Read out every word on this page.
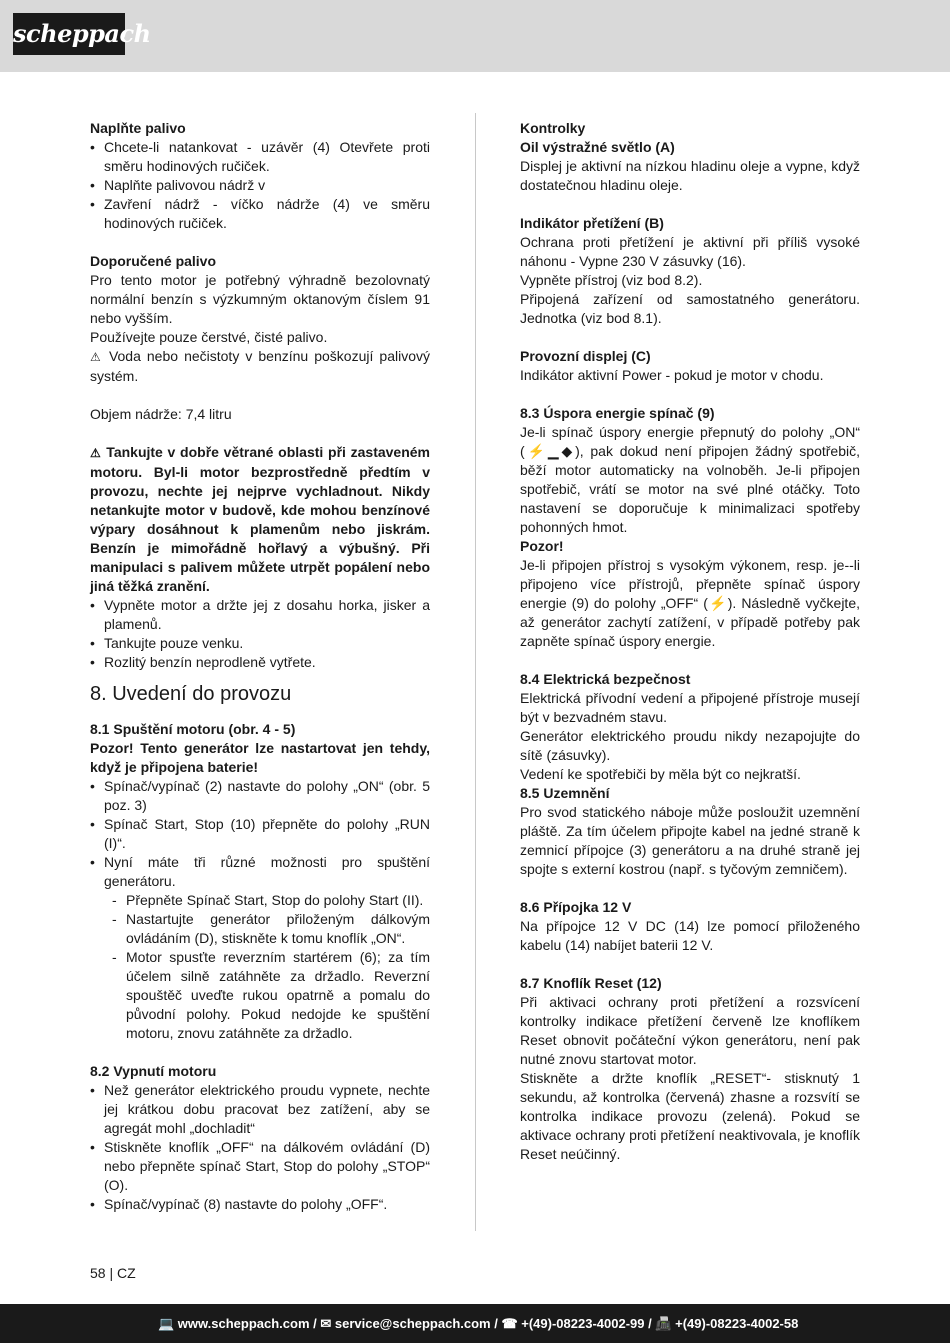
scheppach

Naplňte palivo

• Chcete-li natankovat - uzávěr (4) Otevřete proti směru hodinových ručiček.
• Naplňte palivovou nádrž v
• Zavření nádrž - víčko nádrže (4) ve směru hodinových ručiček.

Doporučené palivo

Pro tento motor je potřebný výhradně bezolovnatý normální benzín s výzkumným oktanovým číslem 91 nebo vyšším.

Používejte pouze čerstvé, čisté palivo.

⚠ Voda nebo nečistoty v benzínu poškozují palivový systém.

Objem nádrže: 7,4 litru

⚠ Tankujte v dobře větrané oblasti při zastaveném motoru. Byl-li motor bezprostředně předtím v provozu, nechte jej nejprve vychladnout. Nikdy netankujte motor v budově, kde mohou benzínové výpary dosáhnout k plamenům nebo jiskrám. Benzín je mimořádně hořlavý a výbušný. Při manipulaci s palivem můžete utrpět popálení nebo jiná těžká zranění.

• Vypněte motor a držte jej z dosahu horka, jisker a plamenů.
• Tankujte pouze venku.
• Rozlitý benzín neprodleně vytřete.
8. Uvedení do provozu

8.1 Spuštění motoru (obr. 4 - 5)

Pozor! Tento generátor lze nastartovat jen tehdy, když je připojena baterie!

• Spínač/vypínač (2) nastavte do polohy „ON“ (obr. 5 poz. 3)
• Spínač Start, Stop (10) přepněte do polohy „RUN (I)“.
• Nyní máte tři různé možnosti pro spuštění generátoru.
- Přepněte Spínač Start, Stop do polohy Start (II).
- Nastartujte generátor přiloženým dálkovým ovládáním (D), stiskněte k tomu knoflík „ON“.
- Motor spusťte reverzním startérem (6); za tím účelem silně zatáhněte za držadlo. Reverzní spouštěč uveďte rukou opatrně a pomalu do původní polohy. Pokud nedojde ke spuštění motoru, znovu zatáhněte za držadlo.

8.2 Vypnutí motoru

• Než generátor elektrického proudu vypnete, nechte jej krátkou dobu pracovat bez zatížení, aby se agregát mohl „dochladit“
• Stiskněte knoflík „OFF“ na dálkovém ovládání (D) nebo přepněte spínač Start, Stop do polohy „STOP“ (O).
• Spínač/vypínač (8) nastavte do polohy „OFF“.

Kontrolky

Oil výstražné světlo (A)

Displej je aktivní na nízkou hladinu oleje a vypne, když dostatečnou hladinu oleje.

Indikátor přetížení (B)

Ochrana proti přetížení je aktivní při příliš vysoké náhonu - Vypne 230 V zásuvky (16).

Vypněte přístroj (viz bod 8.2).

Připojená zařízení od samostatného generátoru. Jednotka (viz bod 8.1).

Provozní displej (C)

Indikátor aktivní Power - pokud je motor v chodu.

8.3 Úspora energie spínač (9)

Je-li spínač úspory energie přepnutý do polohy „ON“ (⚡▁◆), pak dokud není připojen žádný spotřebič, běží motor automaticky na volnoběh. Je-li připojen spotřebič, vrátí se motor na své plné otáčky. Toto nastavení se doporučuje k minimalizaci spotřeby pohonných hmot.

Pozor!

Je-li připojen přístroj s vysokým výkonem, resp. je--li připojeno více přístrojů, přepněte spínač úspory energie (9) do polohy „OFF“ (⚡). Následně vyčkejte, až generátor zachytí zatížení, v případě potřeby pak zapněte spínač úspory energie.

8.4 Elektrická bezpečnost

Elektrická přívodní vedení a připojené přístroje musejí být v bezvadném stavu.

Generátor elektrického proudu nikdy nezapojujte do sítě (zásuvky).

Vedení ke spotřebiči by měla být co nejkratší.

8.5 Uzemnění

Pro svod statického náboje může posloužit uzemnění pláště. Za tím účelem připojte kabel na jedné straně k zemnicí přípojce (3) generátoru a na druhé straně jej spojte s externí kostrou (např. s tyčovým zemničem).

8.6 Přípojka 12 V

Na přípojce 12 V DC (14) lze pomocí přiloženého kabelu (14) nabíjet baterii 12 V.

8.7 Knoflík Reset (12)

Při aktivaci ochrany proti přetížení a rozsvícení kontrolky indikace přetížení červeně lze knoflíkem Reset obnovit počáteční výkon generátoru, není pak nutné znovu startovat motor.

Stiskněte a držte knoflík „RESET“- stisknutý 1 sekundu, až kontrolka (červená) zhasne a rozsvítí se kontrolka indikace provozu (zelená). Pokud se aktivace ochrany proti přetížení neaktivovala, je knoflík Reset neúčinný.

58 | CZ
💻 www.scheppach.com / ✉ service@scheppach.com / ☎ +(49)-08223-4002-99 / 📠 +(49)-08223-4002-58
